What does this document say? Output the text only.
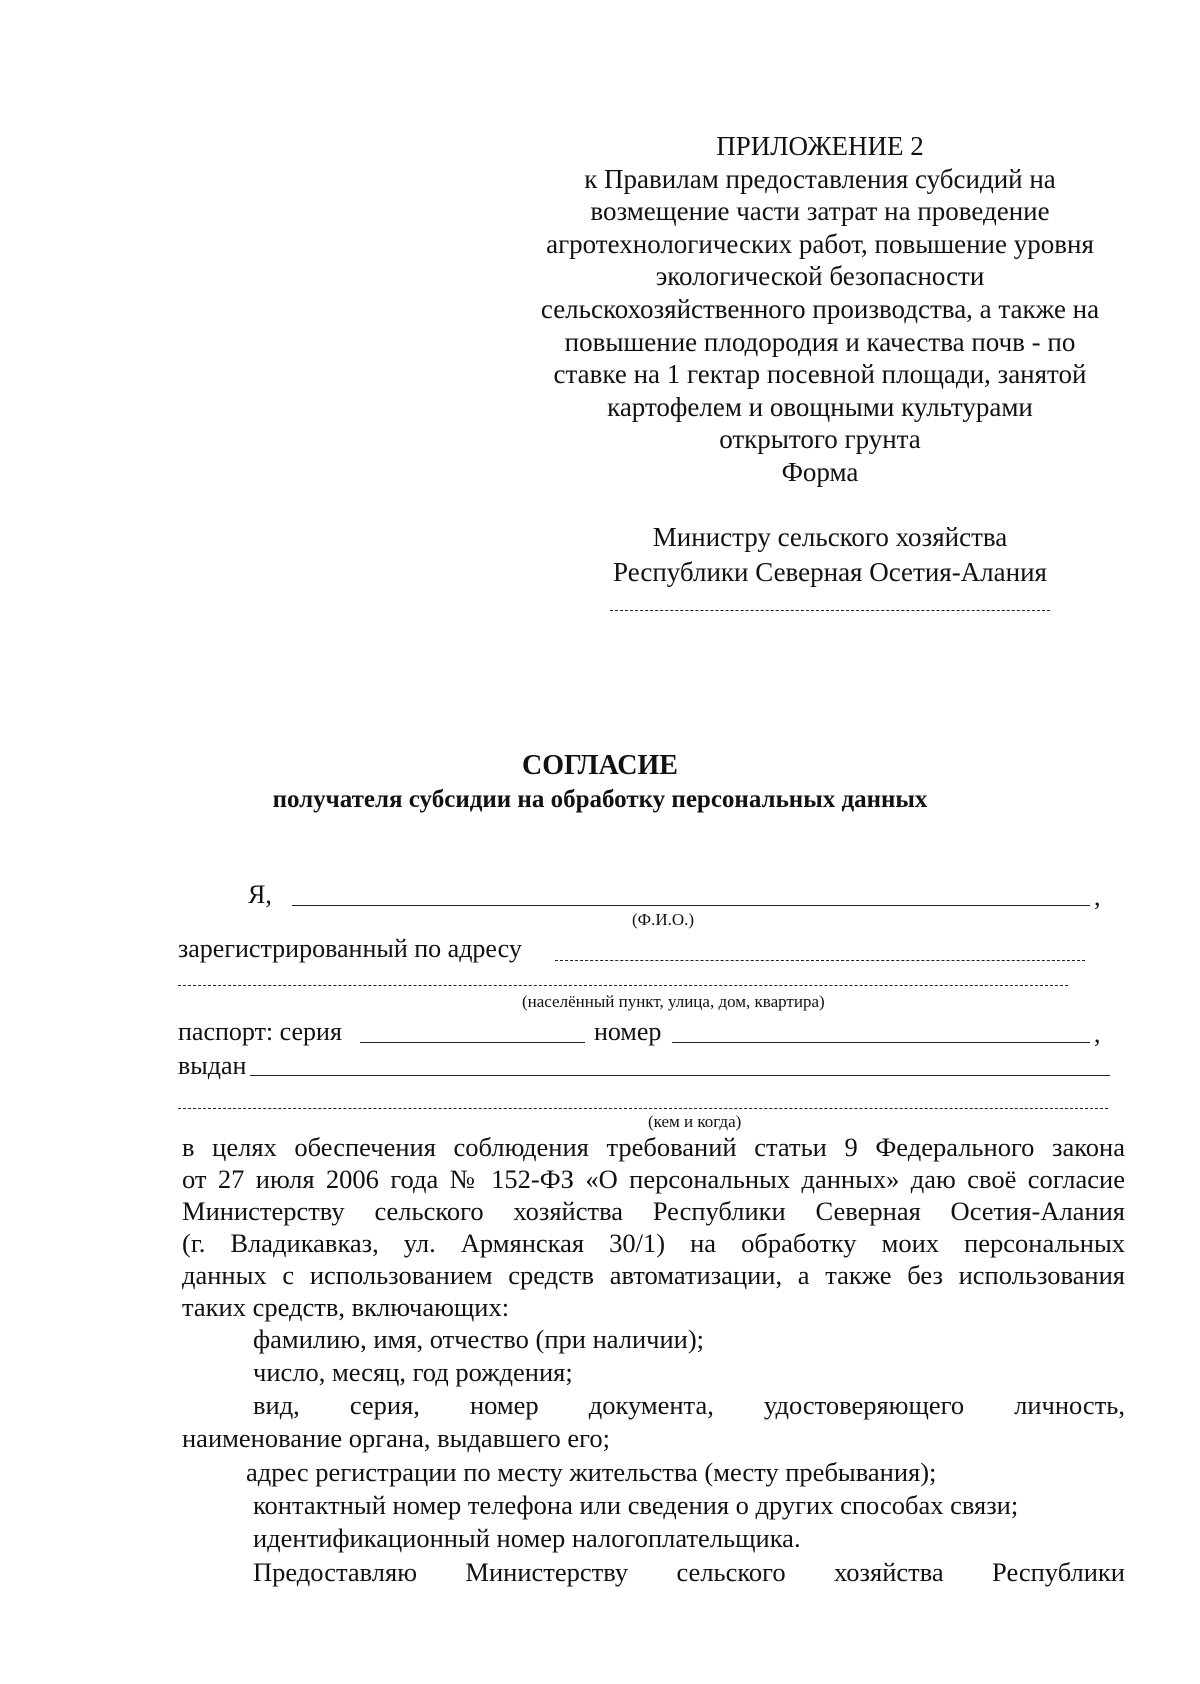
ПРИЛОЖЕНИЕ 2
к Правилам предоставления субсидий на
возмещение части затрат на проведение
агротехнологических работ, повышение уровня
экологической безопасности
сельскохозяйственного производства, а также на
повышение плодородия и качества почв - по
ставке на 1 гектар посевной площади, занятой
картофелем и овощными культурами
открытого грунта
Форма
Министру сельского хозяйства
Республики Северная Осетия-Алания
СОГЛАСИЕ
получателя субсидии на обработку персональных данных
Я,	,
(Ф.И.О.)
зарегистрированный по адресу
(населённый пункт, улица, дом, квартира)
паспорт: серия	номер	,
выдан
(кем и когда)
в целях обеспечения соблюдения требований статьи 9 Федерального закона
от 27 июля 2006 года № 152-ФЗ «О персональных данных» даю своё согласие
Министерству сельского хозяйства Республики Северная Осетия-Алания
(г. Владикавказ, ул. Армянская 30/1) на обработку моих персональных
данных с использованием средств автоматизации, а также без использования
таких средств, включающих:
фамилию, имя, отчество (при наличии);
число, месяц, год рождения;
вид, серия, номер документа, удостоверяющего личность,
наименование органа, выдавшего его;
адрес регистрации по месту жительства (месту пребывания);
контактный номер телефона или сведения о других способах связи;
идентификационный номер налогоплательщика.
Предоставляю Министерству сельского хозяйства Республики
